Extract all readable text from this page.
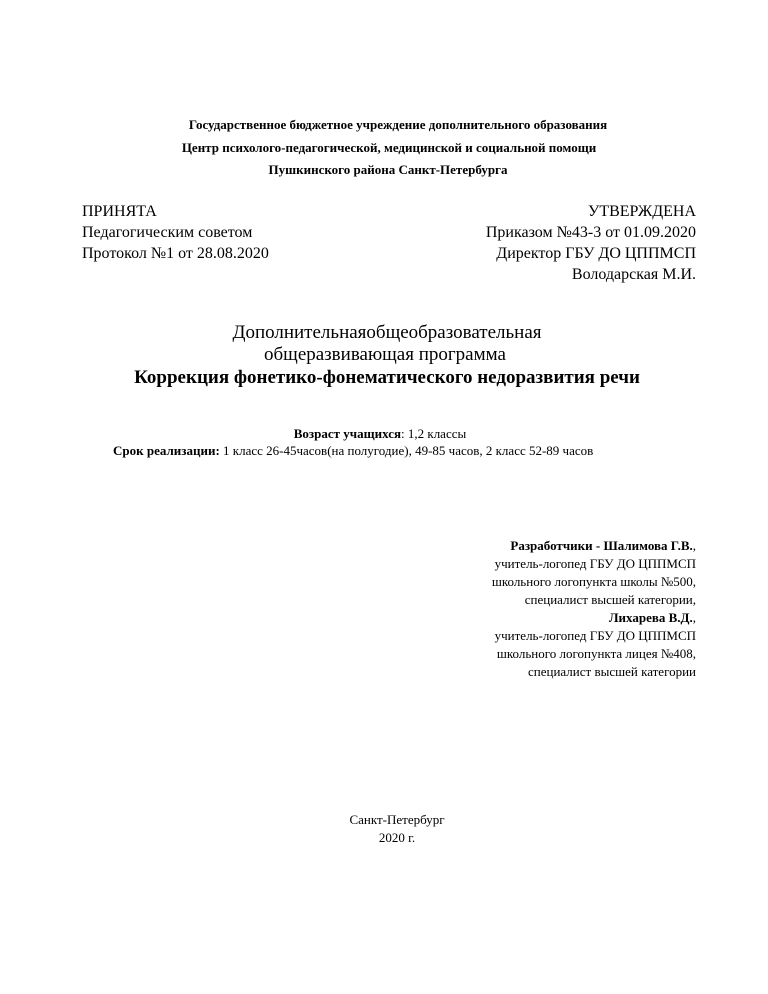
Государственное бюджетное учреждение дополнительного образования
Центр психолого-педагогической, медицинской и социальной помощи
Пушкинского района Санкт-Петербурга
ПРИНЯТА
Педагогическим советом
Протокол №1 от 28.08.2020
УТВЕРЖДЕНА
Приказом №43-3 от 01.09.2020
Директор ГБУ ДО ЦППМСП
Володарская М.И.
Дополнительнаяобщеобразовательная
общеразвивающая программа
Коррекция фонетико-фонематического недоразвития речи
Возраст учащихся: 1,2 классы
Срок реализации: 1 класс 26-45часов(на полугодие), 49-85 часов, 2 класс 52-89 часов
Разработчики - Шалимова Г.В.,
учитель-логопед ГБУ ДО ЦППМСП
школьного логопункта школы №500,
специалист высшей категории,
Лихарева В.Д.,
учитель-логопед ГБУ ДО ЦППМСП
школьного логопункта лицея №408,
специалист высшей категории
Санкт-Петербург
2020 г.
